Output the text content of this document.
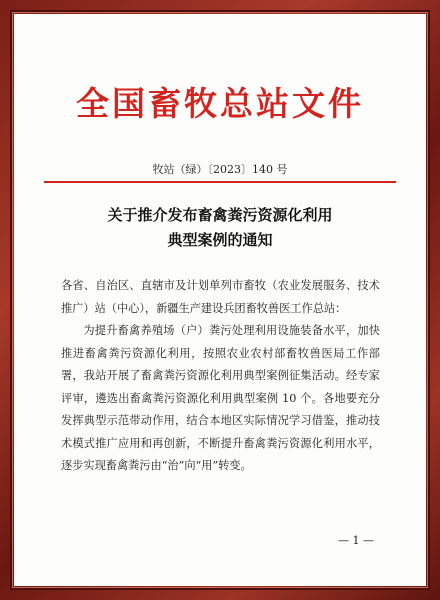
全国畜牧总站文件
牧站（绿）〔2023〕140 号
关于推介发布畜禽粪污资源化利用
典型案例的通知

各省、自治区、直辖市及计划单列市畜牧（农业发展服务、技术推广）站（中心），新疆生产建设兵团畜牧兽医工作总站：

为提升畜禽养殖场（户）粪污处理利用设施装备水平，加快推进畜禽粪污资源化利用，按照农业农村部畜牧兽医局工作部署，我站开展了畜禽粪污资源化利用典型案例征集活动。经专家评审，遴选出畜禽粪污资源化利用典型案例 10 个。各地要充分发挥典型示范带动作用，结合本地区实际情况学习借鉴，推动技术模式推广应用和再创新，不断提升畜禽粪污资源化利用水平，逐步实现畜禽粪污由“治”向“用”转变。

— 1 —
